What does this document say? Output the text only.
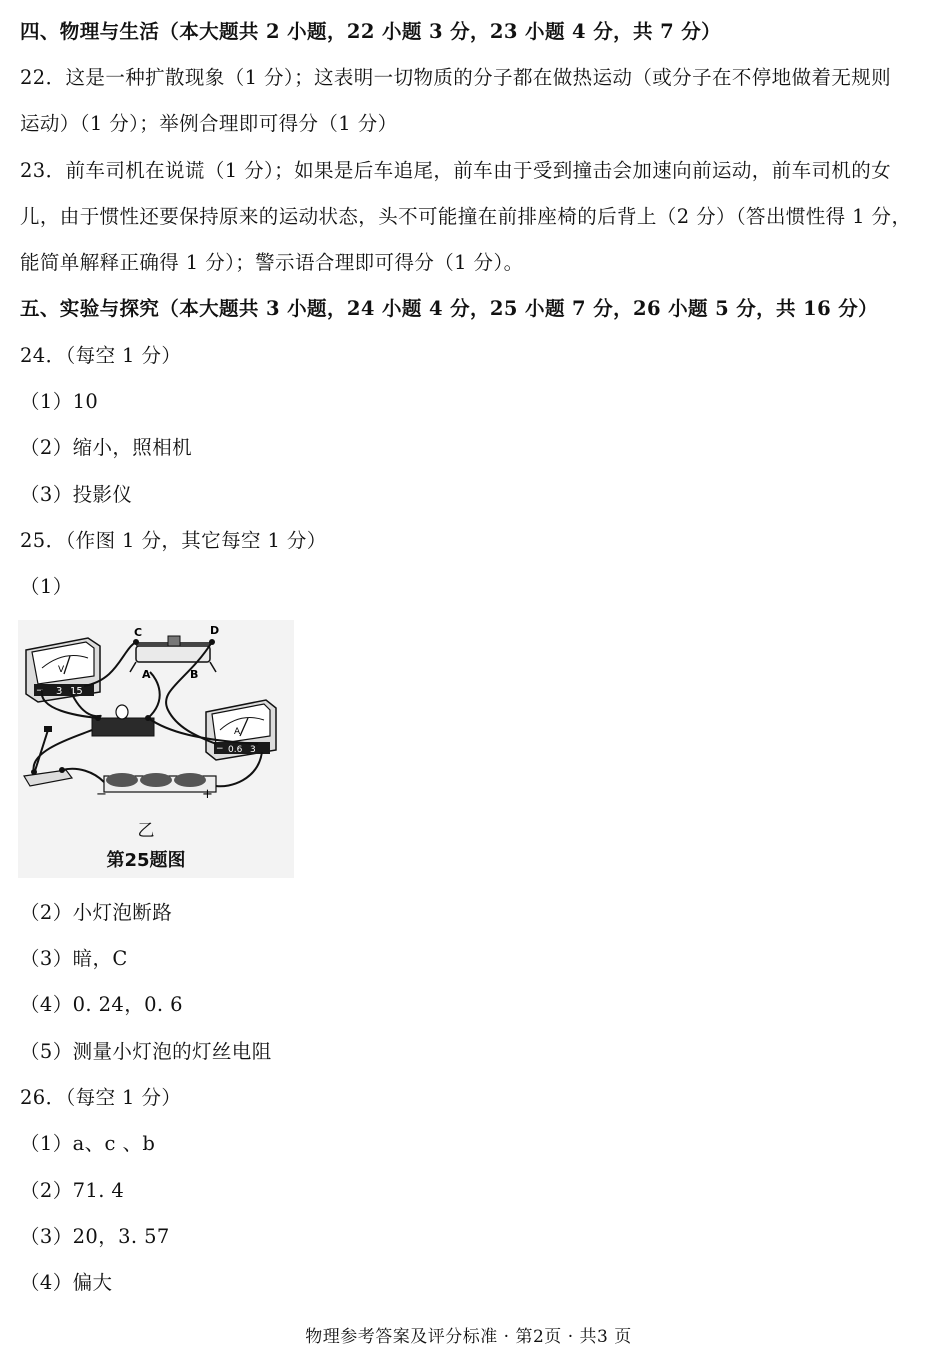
四、物理与生活（本大题共 2 小题，22 小题 3 分，23 小题 4 分，共 7 分）
22．这是一种扩散现象（1 分）；这表明一切物质的分子都在做热运动（或分子在不停地做着无规则
运动）（1 分）；举例合理即可得分（1 分）
23．前车司机在说谎（1 分）；如果是后车追尾，前车由于受到撞击会加速向前运动，前车司机的女
儿，由于惯性还要保持原来的运动状态，头不可能撞在前排座椅的后背上（2 分）（答出惯性得 1 分，
能简单解释正确得 1 分）；警示语合理即可得分（1 分）。
五、实验与探究（本大题共 3 小题，24 小题 4 分，25 小题 7 分，26 小题 5 分，共 16 分）
24．（每空 1 分）
（1）10
（2）缩小，照相机
（3）投影仪
25．（作图 1 分，其它每空 1 分）
（1）
V
− 3 15
C	D
A	B
A
− 0.6 3
−	+
乙
第25题图
（2）小灯泡断路
（3）暗，C
（4）0. 24，0. 6
（5）测量小灯泡的灯丝电阻
26．（每空 1 分）
（1）a、c 、b
（2）71. 4
（3）20，3. 57
（4）偏大
物理参考答案及评分标准 · 第2页 · 共3 页
